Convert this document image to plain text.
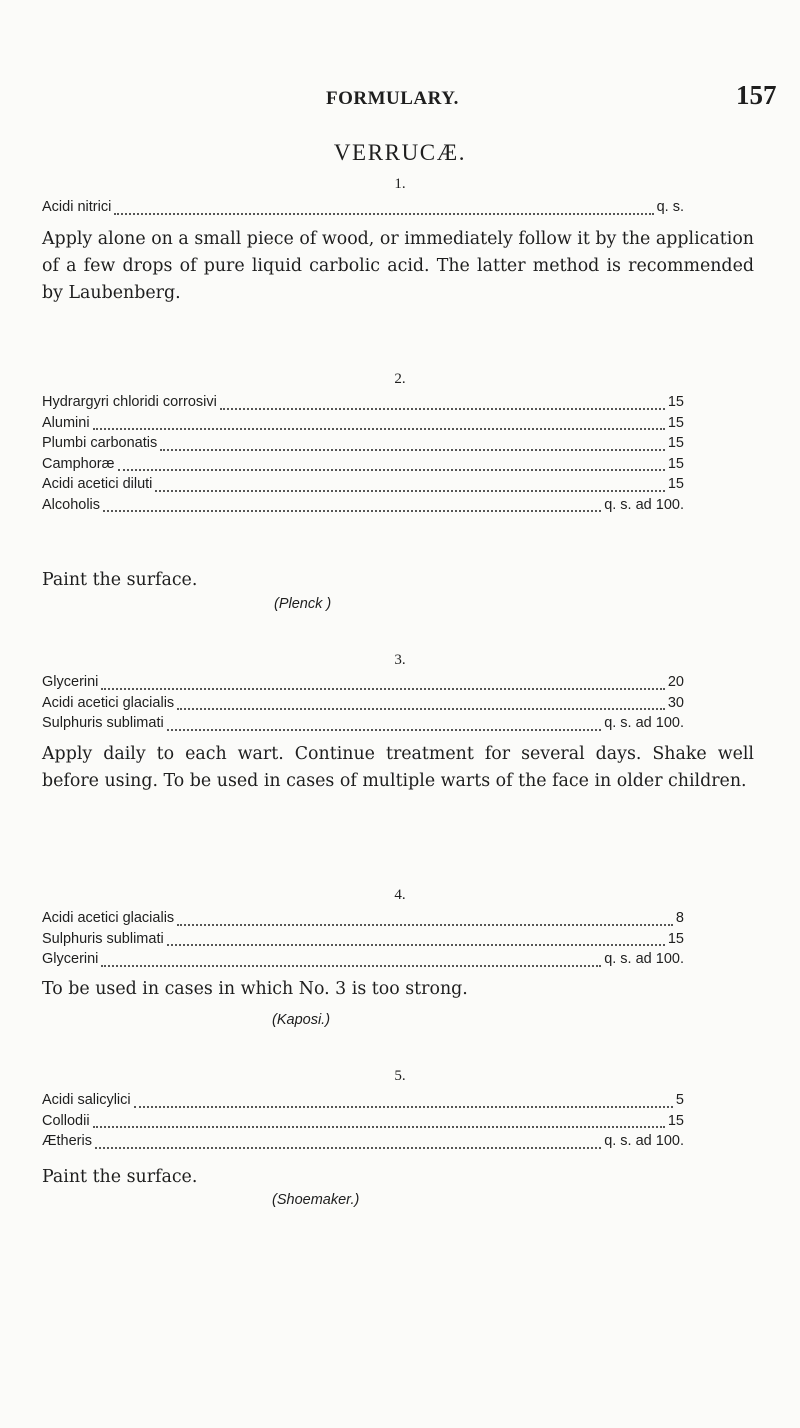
FORMULARY.	157
VERRUCÆ.
1.
Acidi nitrici	q. s.
Apply alone on a small piece of wood, or immediately follow it by the application of a few drops of pure liquid carbolic acid. The latter method is recommended by Laubenberg.
2.
Hydrargyri chloridi corrosivi	15
Alumini	15
Plumbi carbonatis	15
Camphoræ	15
Acidi acetici diluti	15
Alcoholis	q. s. ad 100.
Paint the surface.
(Plenck )
3.
Glycerini	20
Acidi acetici glacialis	30
Sulphuris sublimati	q. s. ad 100.
Apply daily to each wart. Continue treatment for several days. Shake well before using. To be used in cases of multiple warts of the face in older children.
4.
Acidi acetici glacialis	8
Sulphuris sublimati	15
Glycerini	q. s. ad 100.
To be used in cases in which No. 3 is too strong.
(Kaposi.)
5.
Acidi salicylici	5
Collodii	15
Ætheris	q. s. ad 100.
Paint the surface.
(Shoemaker.)
